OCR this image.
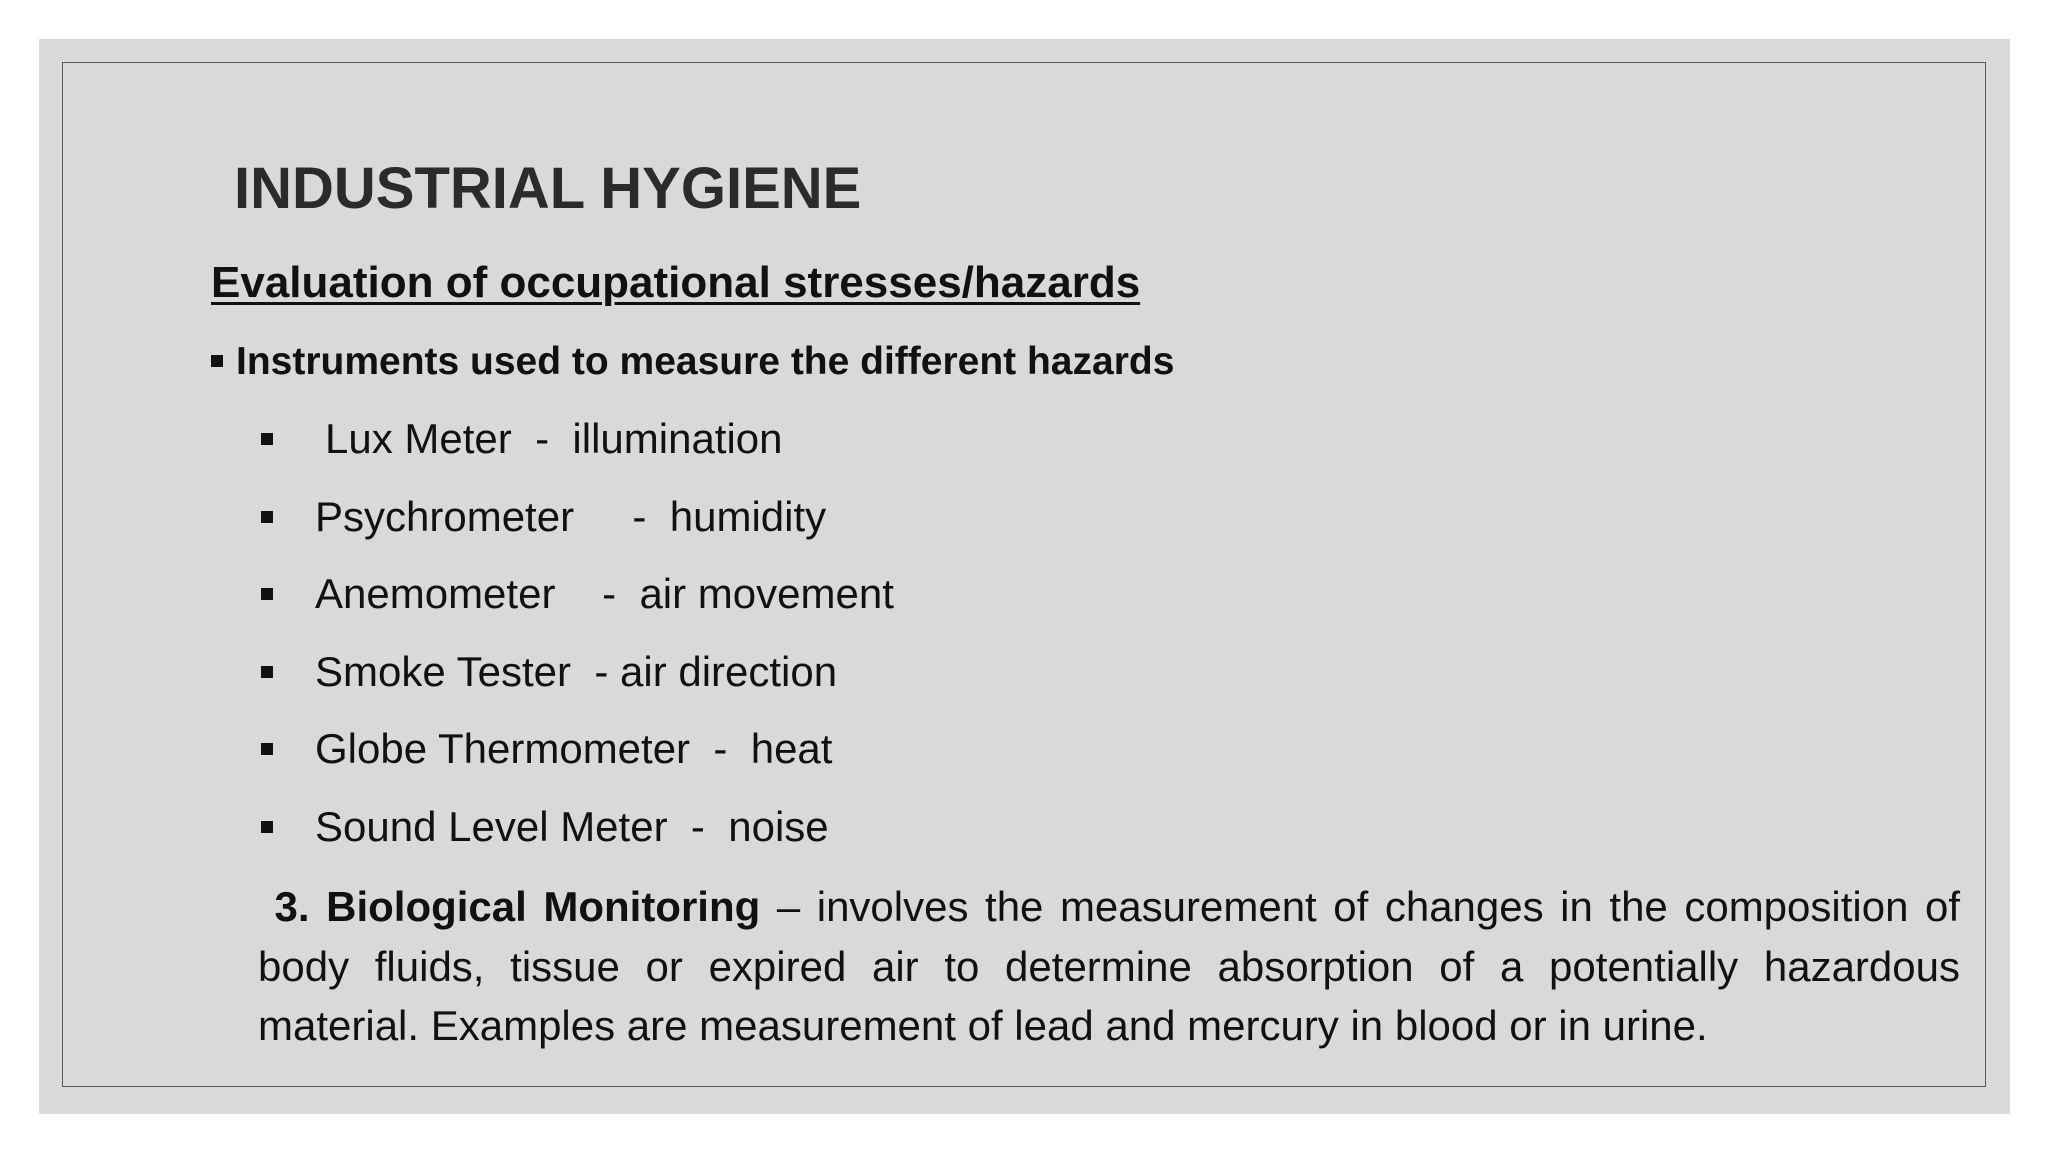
INDUSTRIAL HYGIENE
Evaluation of occupational stresses/hazards
Instruments used to measure the different hazards
Lux Meter  -  illumination
Psychrometer     -  humidity
Anemometer    -  air movement
Smoke Tester  - air direction
Globe Thermometer  -  heat
Sound Level Meter  -  noise

3. Biological Monitoring – involves the measurement of changes in the composition of body fluids, tissue or expired air to determine absorption of a potentially hazardous material. Examples are measurement of lead and mercury in blood or in urine.
